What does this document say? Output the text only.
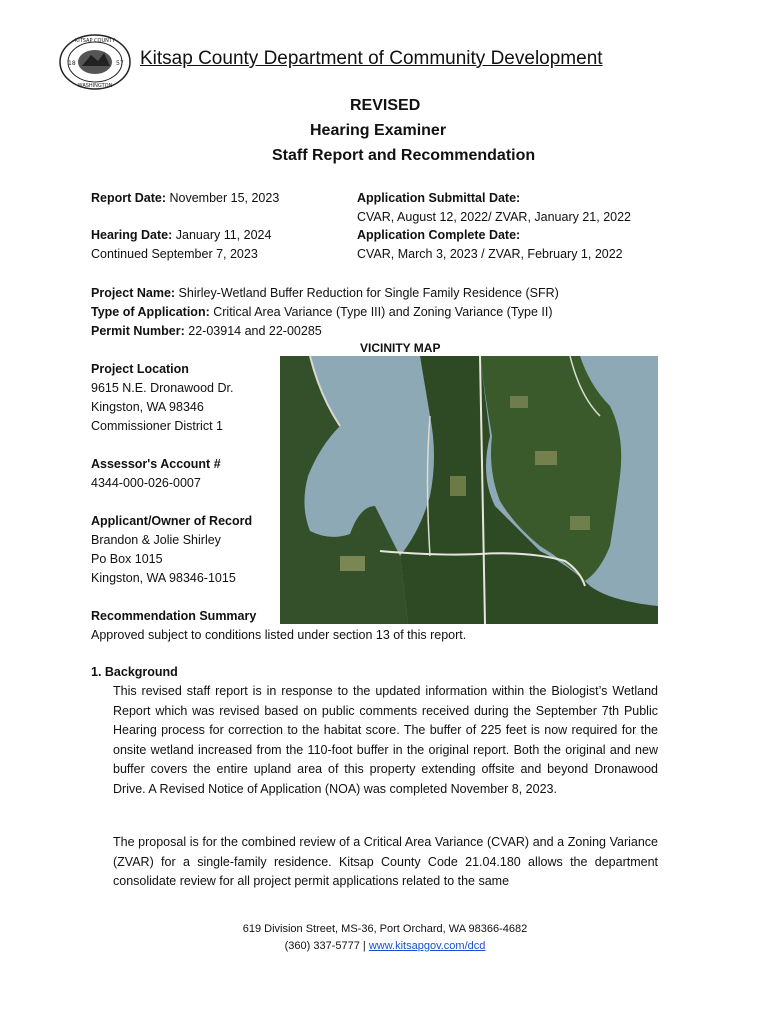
KITSAP COUNTY
WASHINGTON
18	57 Kitsap County Department of Community Development
REVISED
Hearing Examiner
Staff Report and Recommendation
Report Date: November 15, 2023
Hearing Date: January 11, 2024
Continued September 7, 2023
Application Submittal Date:
CVAR, August 12, 2022/ ZVAR, January 21, 2022
Application Complete Date:
CVAR, March 3, 2023 / ZVAR, February 1, 2022
Project Name: Shirley-Wetland Buffer Reduction for Single Family Residence (SFR)
Type of Application: Critical Area Variance (Type III) and Zoning Variance (Type II)
Permit Number: 22-03914 and 22-00285
VICINITY MAP
Project Location
9615 N.E. Dronawood Dr.
Kingston, WA 98346
Commissioner District 1
Assessor's Account #
4344-000-026-0007
Applicant/Owner of Record
Brandon & Jolie Shirley
Po Box 1015
Kingston, WA 98346-1015
Recommendation Summary
Approved subject to conditions listed under section 13 of this report.
1. Background
This revised staff report is in response to the updated information within the Biologist’s Wetland Report which was revised based on public comments received during the September 7th Public Hearing process for correction to the habitat score. The buffer of 225 feet is now required for the onsite wetland increased from the 110-foot buffer in the original report. Both the original and new buffer covers the entire upland area of this property extending offsite and beyond Dronawood Drive. A Revised Notice of Application (NOA) was completed November 8, 2023.
The proposal is for the combined review of a Critical Area Variance (CVAR) and a Zoning Variance (ZVAR) for a single-family residence. Kitsap County Code 21.04.180 allows the department consolidate review for all project permit applications related to the same
619 Division Street, MS-36, Port Orchard, WA 98366-4682
(360) 337-5777 | www.kitsapgov.com/dcd
